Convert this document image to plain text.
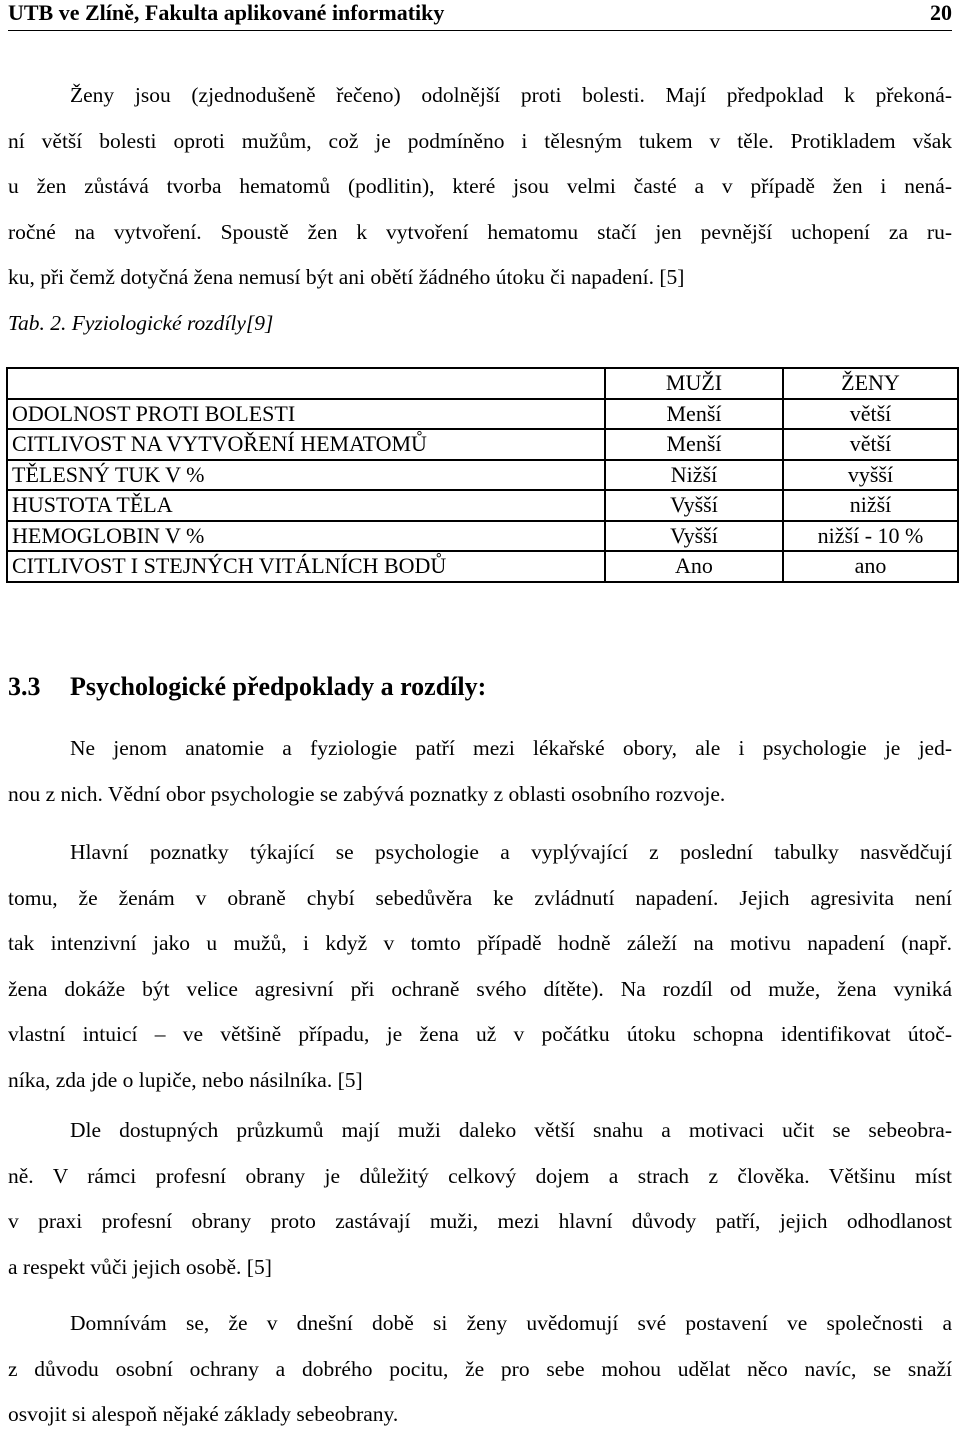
UTB ve Zlíně, Fakulta aplikované informatiky	20
Ženy jsou (zjednodušeně řečeno) odolnější proti bolesti. Mají předpoklad k překoná-
ní větší bolesti oproti mužům, což je podmíněno i tělesným tukem v těle. Protikladem však
u žen zůstává tvorba hematomů (podlitin), které jsou velmi časté a v případě žen i nená-
ročné na vytvoření. Spoustě žen k vytvoření hematomu stačí jen pevnější uchopení za ru-
ku, při čemž dotyčná žena nemusí být ani obětí žádného útoku či napadení. [5]
Tab. 2. Fyziologické rozdíly[9]
	MUŽI	ŽENY
ODOLNOST PROTI BOLESTI	Menší	větší
CITLIVOST NA VYTVOŘENÍ HEMATOMŮ	Menší	větší
TĚLESNÝ TUK V %	Nižší	vyšší
HUSTOTA TĚLA	Vyšší	nižší
HEMOGLOBIN V %	Vyšší	nižší - 10 %
CITLIVOST I STEJNÝCH VITÁLNÍCH BODŮ	Ano	ano
3.3 Psychologické předpoklady a rozdíly:
Ne jenom anatomie a fyziologie patří mezi lékařské obory, ale i psychologie je jed-
nou z nich. Vědní obor psychologie se zabývá poznatky z oblasti osobního rozvoje.
Hlavní poznatky týkající se psychologie a vyplývající z poslední tabulky nasvědčují
tomu, že ženám v obraně chybí sebedůvěra ke zvládnutí napadení. Jejich agresivita není
tak intenzivní jako u mužů, i když v tomto případě hodně záleží na motivu napadení (např.
žena dokáže být velice agresivní při ochraně svého dítěte). Na rozdíl od muže, žena vyniká
vlastní intuicí – ve většině případu, je žena už v počátku útoku schopna identifikovat útoč-
níka, zda jde o lupiče, nebo násilníka. [5]
Dle dostupných průzkumů mají muži daleko větší snahu a motivaci učit se sebeobra-
ně. V rámci profesní obrany je důležitý celkový dojem a strach z člověka. Většinu míst
v praxi profesní obrany proto zastávají muži, mezi hlavní důvody patří, jejich odhodlanost
a respekt vůči jejich osobě. [5]
Domnívám se, že v dnešní době si ženy uvědomují své postavení ve společnosti a
z důvodu osobní ochrany a dobrého pocitu, že pro sebe mohou udělat něco navíc, se snaží
osvojit si alespoň nějaké základy sebeobrany.
